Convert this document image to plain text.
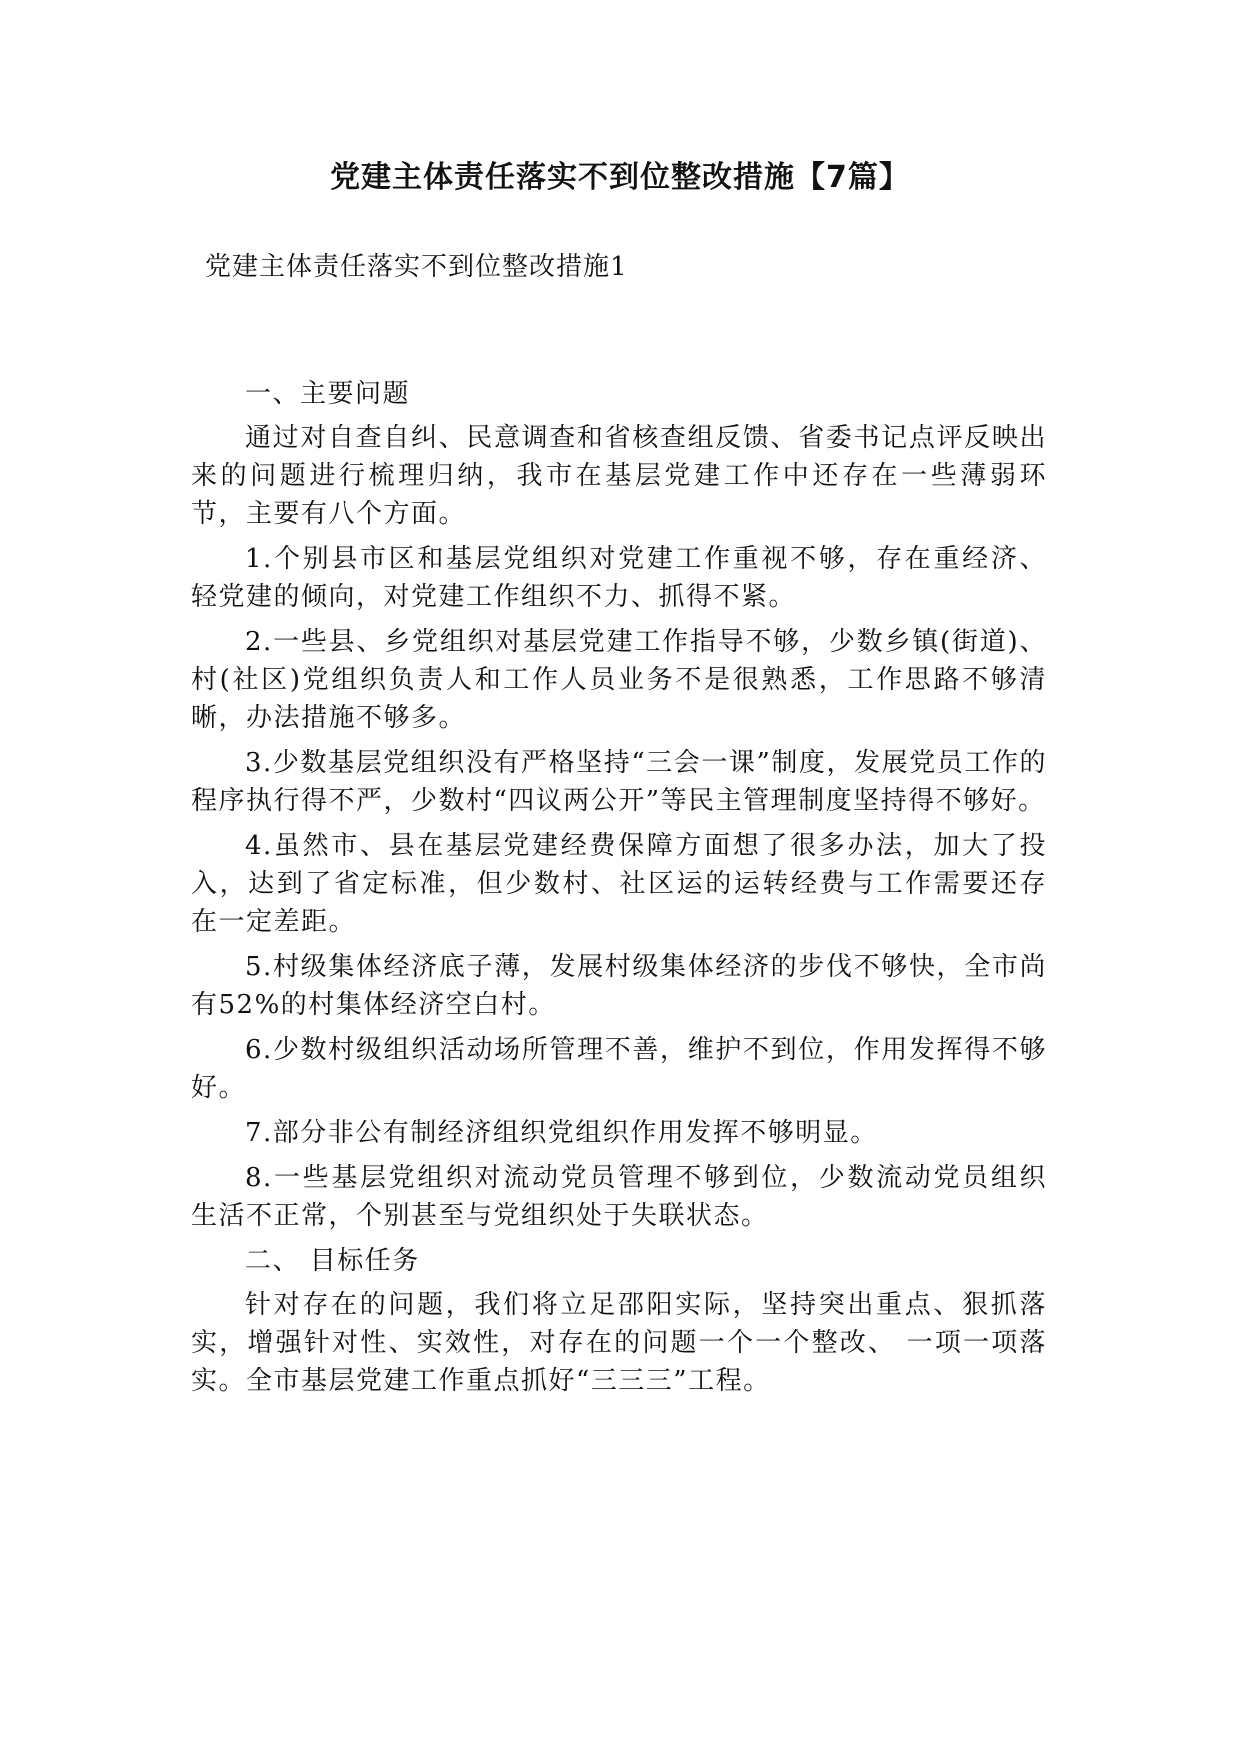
党建主体责任落实不到位整改措施【7篇】
党建主体责任落实不到位整改措施1

一、主要问题

通过对自查自纠、民意调查和省核查组反馈、省委书记点评反映出来的问题进行梳理归纳，我市在基层党建工作中还存在一些薄弱环 节，主要有八个方面。

1.个别县市区和基层党组织对党建工作重视不够，存在重经济、 轻党建的倾向，对党建工作组织不力、抓得不紧。

2.一些县、乡党组织对基层党建工作指导不够，少数乡镇(街道)、 村(社区)党组织负责人和工作人员业务不是很熟悉，工作思路不够清 晰，办法措施不够多。

3.少数基层党组织没有严格坚持“三会一课”制度，发展党员工作的程序执行得不严，少数村“四议两公开”等民主管理制度坚持得不够好。

4.虽然市、县在基层党建经费保障方面想了很多办法，加大了投入，达到了省定标准，但少数村、社区运的运转经费与工作需要还存 在一定差距。

5.村级集体经济底子薄，发展村级集体经济的步伐不够快，全市尚有52%的村集体经济空白村。

6.少数村级组织活动场所管理不善，维护不到位，作用发挥得不够好。

7.部分非公有制经济组织党组织作用发挥不够明显。

8.一些基层党组织对流动党员管理不够到位，少数流动党员组织 生活不正常，个别甚至与党组织处于失联状态。

二、 目标任务

针对存在的问题，我们将立足邵阳实际，坚持突出重点、狠抓落实，增强针对性、实效性，对存在的问题一个一个整改、 一项一项落实。全市基层党建工作重点抓好“三三三”工程。
